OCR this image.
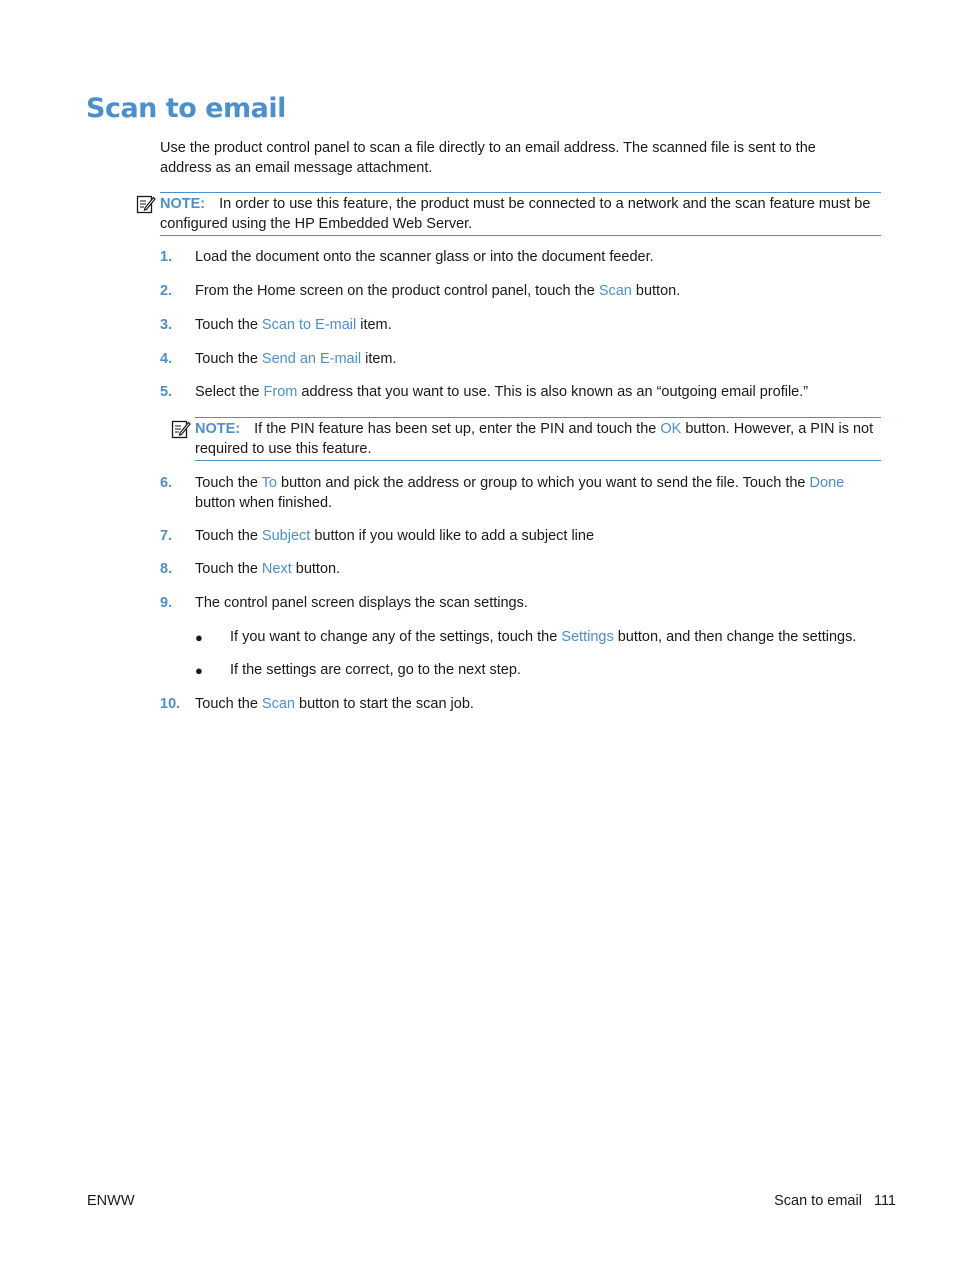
Scan to email

Use the product control panel to scan a file directly to an email address. The scanned file is sent to the address as an email message attachment.

NOTE: In order to use this feature, the product must be connected to a network and the scan feature must be configured using the HP Embedded Web Server.
1. Load the document onto the scanner glass or into the document feeder.
2. From the Home screen on the product control panel, touch the Scan button.
3. Touch the Scan to E-mail item.
4. Touch the Send an E-mail item.
5. Select the From address that you want to use. This is also known as an “outgoing email profile.”
NOTE: If the PIN feature has been set up, enter the PIN and touch the OK button. However, a PIN is not required to use this feature.
6. Touch the To button and pick the address or group to which you want to send the file. Touch the Done button when finished.
7. Touch the Subject button if you would like to add a subject line
8. Touch the Next button.
9. The control panel screen displays the scan settings.
● If you want to change any of the settings, touch the Settings button, and then change the settings.
● If the settings are correct, go to the next step.
10. Touch the Scan button to start the scan job.
ENWW	Scan to email 111
